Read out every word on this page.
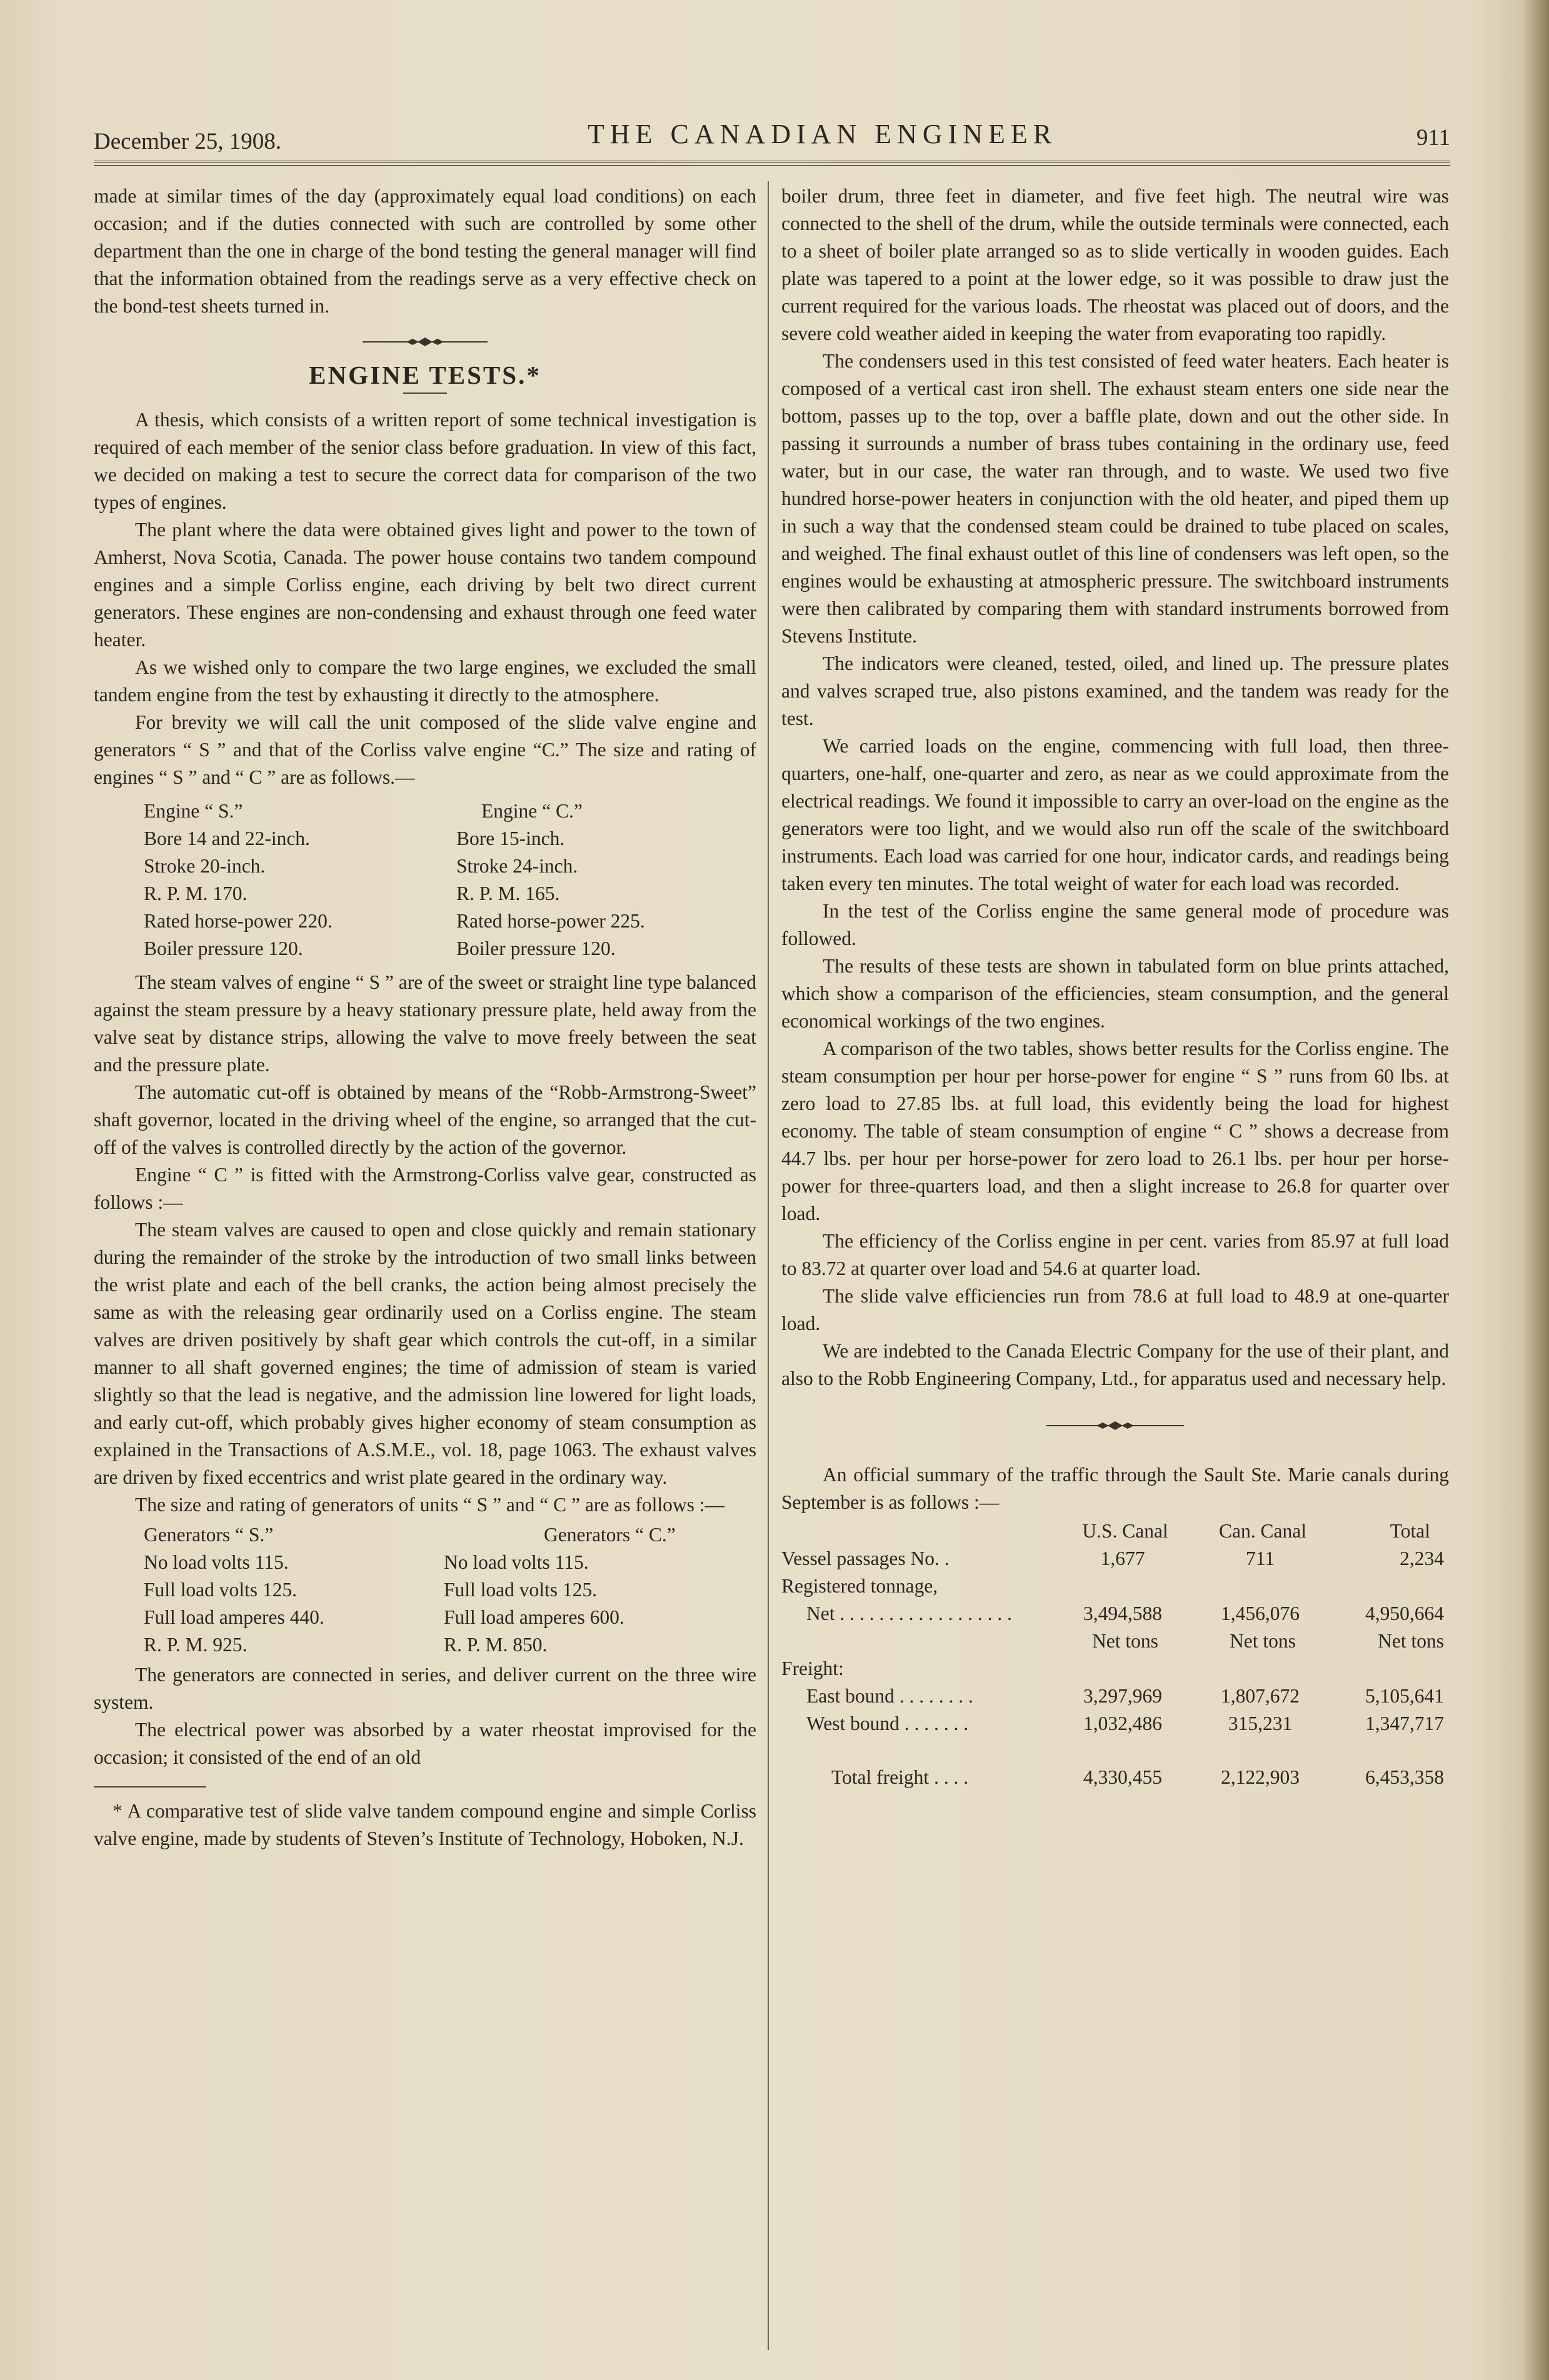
December 25, 1908.	THE CANADIAN ENGINEER	911

made at similar times of the day (approximately equal load conditions) on each occasion; and if the duties connected with such are controlled by some other department than the one in charge of the bond testing the general manager will find that the information obtained from the readings serve as a very effective check on the bond-test sheets turned in.

ENGINE TESTS.*

A thesis, which consists of a written report of some technical investigation is required of each member of the senior class before graduation. In view of this fact, we decided on making a test to secure the correct data for comparison of the two types of engines.

The plant where the data were obtained gives light and power to the town of Amherst, Nova Scotia, Canada. The power house contains two tandem compound engines and a simple Corliss engine, each driving by belt two direct current generators. These engines are non-condensing and exhaust through one feed water heater.

As we wished only to compare the two large engines, we excluded the small tandem engine from the test by exhausting it directly to the atmosphere.

For brevity we will call the unit composed of the slide valve engine and generators “ S ” and that of the Corliss valve engine “C.” The size and rating of engines “ S ” and “ C ” are as follows.—

Engine “ S.”	Engine “ C.”
Bore 14 and 22-inch.	Bore 15-inch.
Stroke 20-inch.	Stroke 24-inch.
R. P. M. 170.	R. P. M. 165.
Rated horse-power 220.	Rated horse-power 225.
Boiler pressure 120.	Boiler pressure 120.

The steam valves of engine “ S ” are of the sweet or straight line type balanced against the steam pressure by a heavy stationary pressure plate, held away from the valve seat by distance strips, allowing the valve to move freely between the seat and the pressure plate.

The automatic cut-off is obtained by means of the “Robb-Armstrong-Sweet” shaft governor, located in the driving wheel of the engine, so arranged that the cut-off of the valves is controlled directly by the action of the governor.

Engine “ C ” is fitted with the Armstrong-Corliss valve gear, constructed as follows :—

The steam valves are caused to open and close quickly and remain stationary during the remainder of the stroke by the introduction of two small links between the wrist plate and each of the bell cranks, the action being almost precisely the same as with the releasing gear ordinarily used on a Corliss engine. The steam valves are driven positively by shaft gear which controls the cut-off, in a similar manner to all shaft governed engines; the time of admission of steam is varied slightly so that the lead is negative, and the admission line lowered for light loads, and early cut-off, which probably gives higher economy of steam consumption as explained in the Transactions of A.S.M.E., vol. 18, page 1063. The exhaust valves are driven by fixed eccentrics and wrist plate geared in the ordinary way.

The size and rating of generators of units “ S ” and “ C ” are as follows :—

Generators “ S.”	Generators “ C.”
No load volts 115.	No load volts 115.
Full load volts 125.	Full load volts 125.
Full load amperes 440.	Full load amperes 600.
R. P. M. 925.	R. P. M. 850.

The generators are connected in series, and deliver current on the three wire system.

The electrical power was absorbed by a water rheostat improvised for the occasion; it consisted of the end of an old

* A comparative test of slide valve tandem compound engine and simple Corliss valve engine, made by students of Steven’s Institute of Technology, Hoboken, N.J.

boiler drum, three feet in diameter, and five feet high. The neutral wire was connected to the shell of the drum, while the outside terminals were connected, each to a sheet of boiler plate arranged so as to slide vertically in wooden guides. Each plate was tapered to a point at the lower edge, so it was possible to draw just the current required for the various loads. The rheostat was placed out of doors, and the severe cold weather aided in keeping the water from evaporating too rapidly.

The condensers used in this test consisted of feed water heaters. Each heater is composed of a vertical cast iron shell. The exhaust steam enters one side near the bottom, passes up to the top, over a baffle plate, down and out the other side. In passing it surrounds a number of brass tubes containing in the ordinary use, feed water, but in our case, the water ran through, and to waste. We used two five hundred horse-power heaters in conjunction with the old heater, and piped them up in such a way that the condensed steam could be drained to tube placed on scales, and weighed. The final exhaust outlet of this line of condensers was left open, so the engines would be exhausting at atmospheric pressure. The switchboard instruments were then calibrated by comparing them with standard instruments borrowed from Stevens Institute.

The indicators were cleaned, tested, oiled, and lined up. The pressure plates and valves scraped true, also pistons examined, and the tandem was ready for the test.

We carried loads on the engine, commencing with full load, then three-quarters, one-half, one-quarter and zero, as near as we could approximate from the electrical readings. We found it impossible to carry an over-load on the engine as the generators were too light, and we would also run off the scale of the switchboard instruments. Each load was carried for one hour, indicator cards, and readings being taken every ten minutes. The total weight of water for each load was recorded.

In the test of the Corliss engine the same general mode of procedure was followed.

The results of these tests are shown in tabulated form on blue prints attached, which show a comparison of the efficiencies, steam consumption, and the general economical workings of the two engines.

A comparison of the two tables, shows better results for the Corliss engine. The steam consumption per hour per horse-power for engine “ S ” runs from 60 lbs. at zero load to 27.85 lbs. at full load, this evidently being the load for highest economy. The table of steam consumption of engine “ C ” shows a decrease from 44.7 lbs. per hour per horse-power for zero load to 26.1 lbs. per hour per horse-power for three-quarters load, and then a slight increase to 26.8 for quarter over load.

The efficiency of the Corliss engine in per cent. varies from 85.97 at full load to 83.72 at quarter over load and 54.6 at quarter load.

The slide valve efficiencies run from 78.6 at full load to 48.9 at one-quarter load.

We are indebted to the Canada Electric Company for the use of their plant, and also to the Robb Engineering Company, Ltd., for apparatus used and necessary help.

An official summary of the traffic through the Sault Ste. Marie canals during September is as follows :—

	U.S. Canal	Can. Canal	Total
Vessel passages No. .	1,677	711	2,234
Registered tonnage,			
Net . . . . . . . . . . . . . . . . . .	3,494,588	1,456,076	4,950,664
	Net tons	Net tons	Net tons
Freight:			
East bound . . . . . . . .	3,297,969	1,807,672	5,105,641
West bound . . . . . . .	1,032,486	315,231	1,347,717
Total freight . . . .	4,330,455	2,122,903	6,453,358
